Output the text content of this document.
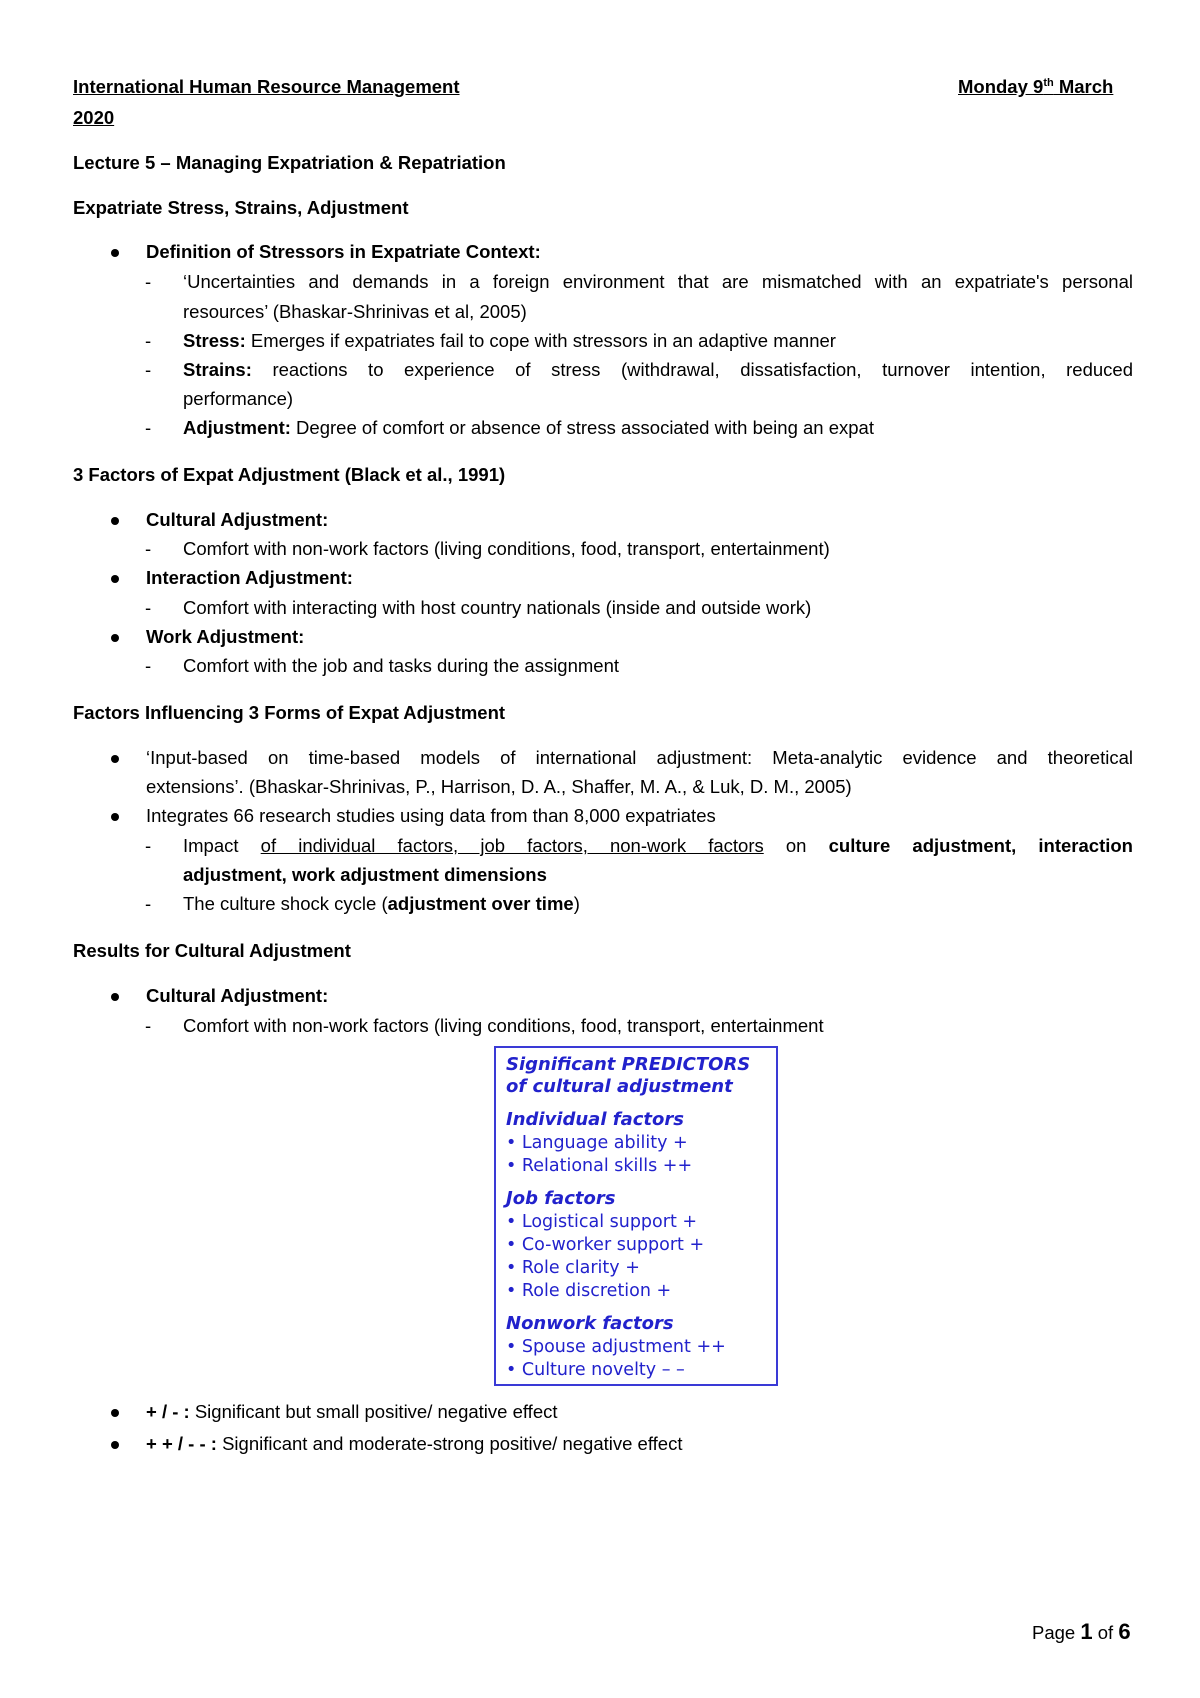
International Human Resource Management	Monday 9th March
2020
Lecture 5 – Managing Expatriation & Repatriation
Expatriate Stress, Strains, Adjustment
Definition of Stressors in Expatriate Context:
- ‘Uncertainties and demands in a foreign environment that are mismatched with an expatriate's personal
resources’ (Bhaskar-Shrinivas et al, 2005)
- Stress: Emerges if expatriates fail to cope with stressors in an adaptive manner
- Strains: reactions to experience of stress (withdrawal, dissatisfaction, turnover intention, reduced
performance)
- Adjustment: Degree of comfort or absence of stress associated with being an expat
3 Factors of Expat Adjustment (Black et al., 1991)
Cultural Adjustment:
- Comfort with non-work factors (living conditions, food, transport, entertainment)
Interaction Adjustment:
- Comfort with interacting with host country nationals (inside and outside work)
Work Adjustment:
- Comfort with the job and tasks during the assignment
Factors Influencing 3 Forms of Expat Adjustment
‘Input-based on time-based models of international adjustment: Meta-analytic evidence and theoretical
extensions’. (Bhaskar-Shrinivas, P., Harrison, D. A., Shaffer, M. A., & Luk, D. M., 2005)
Integrates 66 research studies using data from than 8,000 expatriates
- Impact of individual factors, job factors, non-work factors on culture adjustment, interaction
adjustment, work adjustment dimensions
- The culture shock cycle (adjustment over time)
Results for Cultural Adjustment
Cultural Adjustment:
- Comfort with non-work factors (living conditions, food, transport, entertainment
Significant PREDICTORS
of cultural adjustment
Individual factors
• Language ability +
• Relational skills ++
Job factors
• Logistical support +
• Co-worker support +
• Role clarity +
• Role discretion +
Nonwork factors
• Spouse adjustment ++
• Culture novelty – –
+ / - : Significant but small positive/ negative effect
+ + / - - : Significant and moderate-strong positive/ negative effect
Page 1 of 6
